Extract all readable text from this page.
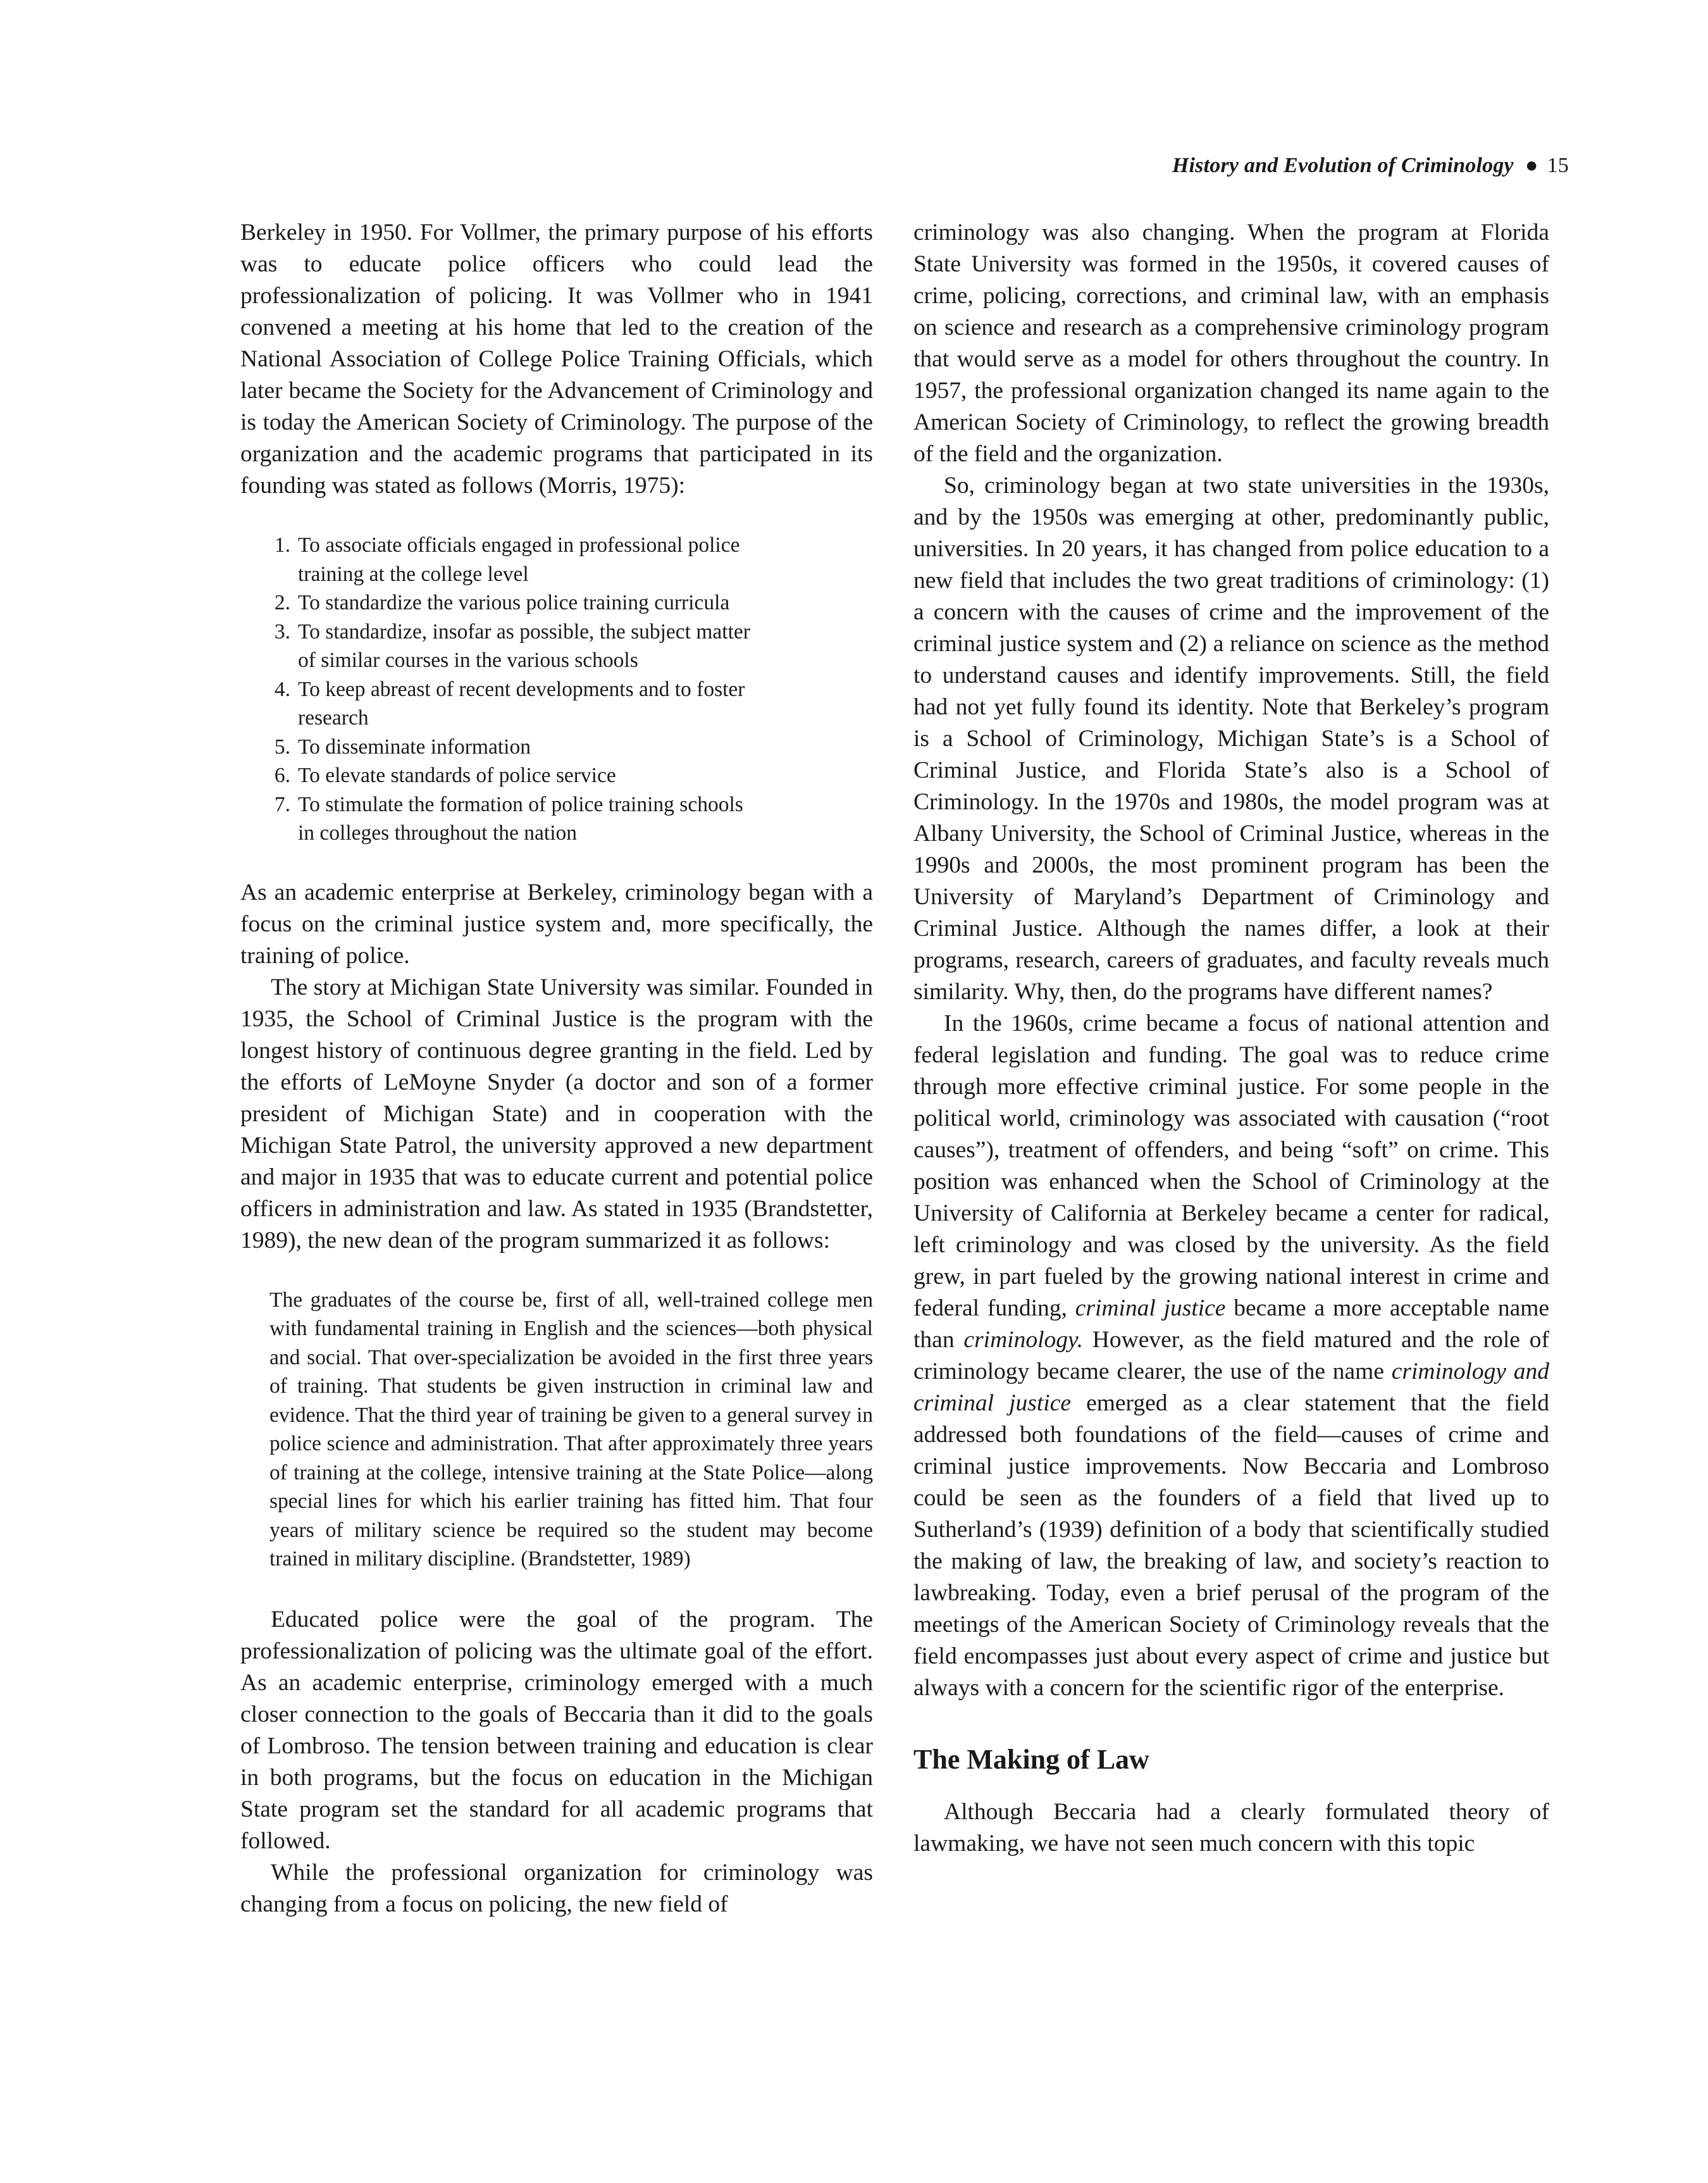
History and Evolution of Criminology ● 15

Berkeley in 1950. For Vollmer, the primary purpose of his efforts was to educate police officers who could lead the professionalization of policing. It was Vollmer who in 1941 convened a meeting at his home that led to the creation of the National Association of College Police Training Officials, which later became the Society for the Advancement of Criminology and is today the American Society of Criminology. The purpose of the organization and the academic programs that participated in its founding was stated as follows (Morris, 1975):

1. To associate officials engaged in professional police training at the college level
2. To standardize the various police training curricula
3. To standardize, insofar as possible, the subject matter of similar courses in the various schools
4. To keep abreast of recent developments and to foster research
5. To disseminate information
6. To elevate standards of police service
7. To stimulate the formation of police training schools in colleges throughout the nation

As an academic enterprise at Berkeley, criminology began with a focus on the criminal justice system and, more specifically, the training of police.

The story at Michigan State University was similar. Founded in 1935, the School of Criminal Justice is the program with the longest history of continuous degree granting in the field. Led by the efforts of LeMoyne Snyder (a doctor and son of a former president of Michigan State) and in cooperation with the Michigan State Patrol, the university approved a new department and major in 1935 that was to educate current and potential police officers in administration and law. As stated in 1935 (Brandstetter, 1989), the new dean of the program summarized it as follows:

The graduates of the course be, first of all, well-trained college men with fundamental training in English and the sciences—both physical and social. That over-specialization be avoided in the first three years of training. That students be given instruction in criminal law and evidence. That the third year of training be given to a general survey in police science and administration. That after approximately three years of training at the college, intensive training at the State Police—along special lines for which his earlier training has fitted him. That four years of military science be required so the student may become trained in military discipline. (Brandstetter, 1989)

Educated police were the goal of the program. The professionalization of policing was the ultimate goal of the effort. As an academic enterprise, criminology emerged with a much closer connection to the goals of Beccaria than it did to the goals of Lombroso. The tension between training and education is clear in both programs, but the focus on education in the Michigan State program set the standard for all academic programs that followed.

While the professional organization for criminology was changing from a focus on policing, the new field of

criminology was also changing. When the program at Florida State University was formed in the 1950s, it covered causes of crime, policing, corrections, and criminal law, with an emphasis on science and research as a comprehensive criminology program that would serve as a model for others throughout the country. In 1957, the professional organization changed its name again to the American Society of Criminology, to reflect the growing breadth of the field and the organization.

So, criminology began at two state universities in the 1930s, and by the 1950s was emerging at other, predominantly public, universities. In 20 years, it has changed from police education to a new field that includes the two great traditions of criminology: (1) a concern with the causes of crime and the improvement of the criminal justice system and (2) a reliance on science as the method to understand causes and identify improvements. Still, the field had not yet fully found its identity. Note that Berkeley’s program is a School of Criminology, Michigan State’s is a School of Criminal Justice, and Florida State’s also is a School of Criminology. In the 1970s and 1980s, the model program was at Albany University, the School of Criminal Justice, whereas in the 1990s and 2000s, the most prominent program has been the University of Maryland’s Department of Criminology and Criminal Justice. Although the names differ, a look at their programs, research, careers of graduates, and faculty reveals much similarity. Why, then, do the programs have different names?

In the 1960s, crime became a focus of national attention and federal legislation and funding. The goal was to reduce crime through more effective criminal justice. For some people in the political world, criminology was associated with causation (“root causes”), treatment of offenders, and being “soft” on crime. This position was enhanced when the School of Criminology at the University of California at Berkeley became a center for radical, left criminology and was closed by the university. As the field grew, in part fueled by the growing national interest in crime and federal funding, criminal justice became a more acceptable name than criminology. However, as the field matured and the role of criminology became clearer, the use of the name criminology and criminal justice emerged as a clear statement that the field addressed both foundations of the field—causes of crime and criminal justice improvements. Now Beccaria and Lombroso could be seen as the founders of a field that lived up to Sutherland’s (1939) definition of a body that scientifically studied the making of law, the breaking of law, and society’s reaction to lawbreaking. Today, even a brief perusal of the program of the meetings of the American Society of Criminology reveals that the field encompasses just about every aspect of crime and justice but always with a concern for the scientific rigor of the enterprise.

The Making of Law

Although Beccaria had a clearly formulated theory of lawmaking, we have not seen much concern with this topic
